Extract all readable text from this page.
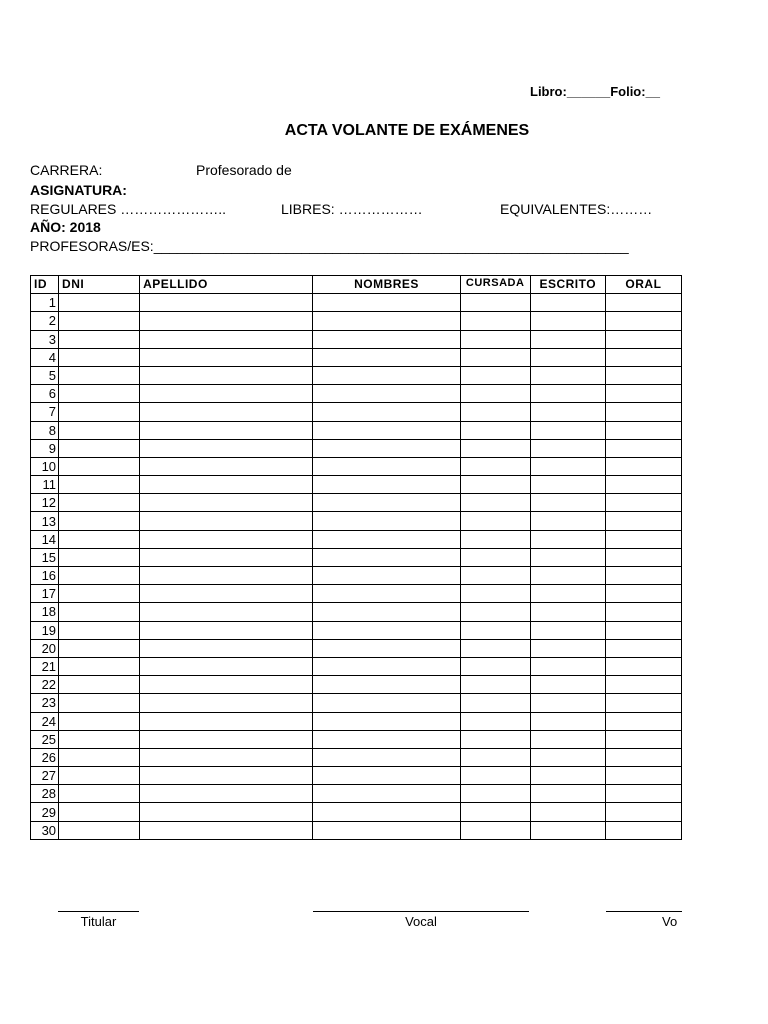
Libro:______Folio:__
ACTA VOLANTE DE EXÁMENES
CARRERA:	Profesorado de
ASIGNATURA:
REGULARES …………………..	LIBRES: ………………	EQUIVALENTES:………
AÑO: 2018
PROFESORAS/ES:_____________________________________________________________
ID	DNI	APELLIDO	NOMBRES	CURSADA	ESCRITO	ORAL
1						
2						
3						
4						
5						
6						
7						
8						
9						
10						
11						
12						
13						
14						
15						
16						
17						
18						
19						
20						
21						
22						
23						
24						
25						
26						
27						
28						
29						
30						
Titular	Vocal	Vo
